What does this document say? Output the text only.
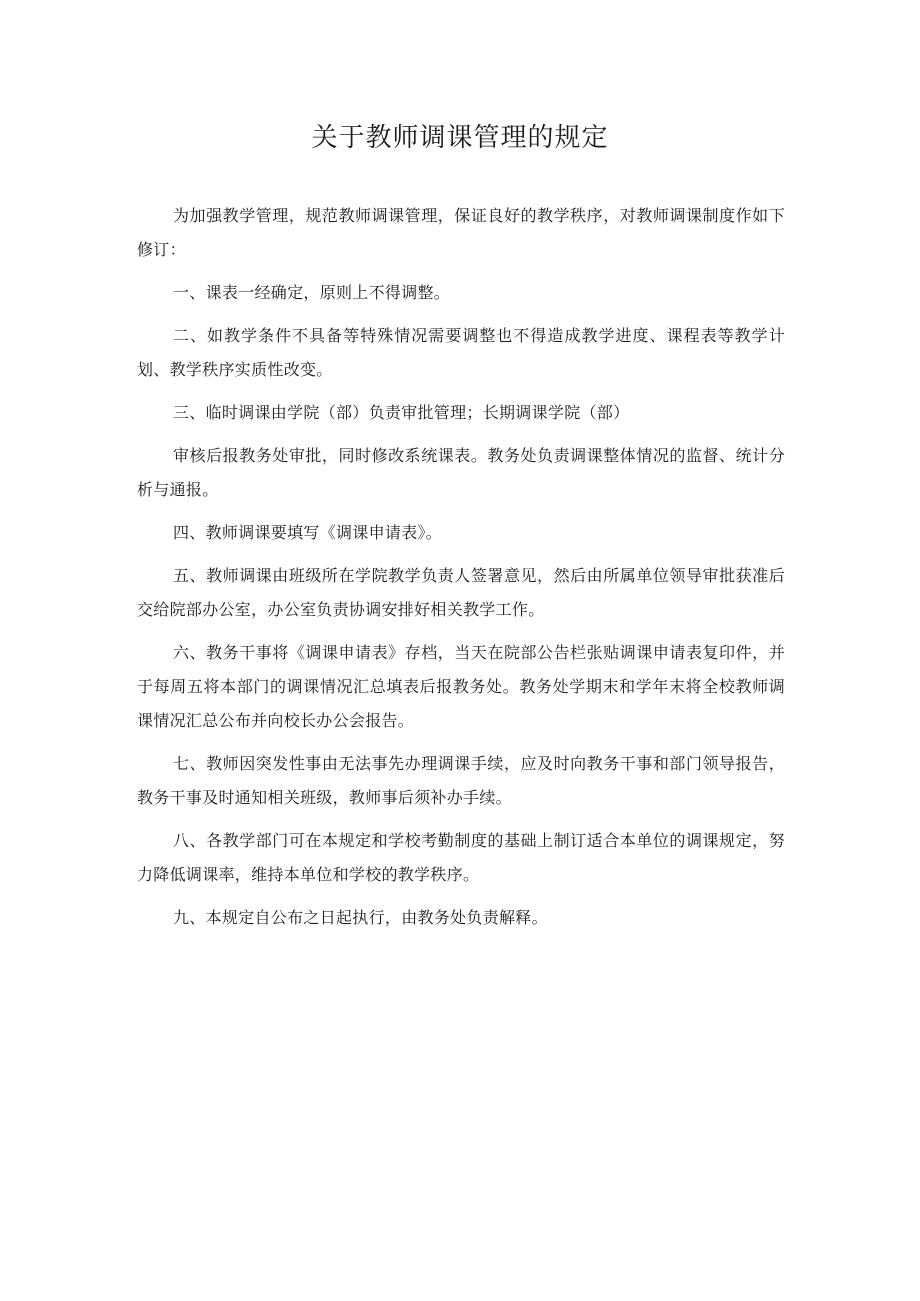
关于教师调课管理的规定

为加强教学管理，规范教师调课管理，保证良好的教学秩序，对教师调课制度作如下修订：

一、课表一经确定，原则上不得调整。

二、如教学条件不具备等特殊情况需要调整也不得造成教学进度、课程表等教学计划、教学秩序实质性改变。

三、临时调课由学院（部）负责审批管理；长期调课学院（部）

审核后报教务处审批，同时修改系统课表。教务处负责调课整体情况的监督、统计分析与通报。

四、教师调课要填写《调课申请表》。

五、教师调课由班级所在学院教学负责人签署意见，然后由所属单位领导审批获准后交给院部办公室，办公室负责协调安排好相关教学工作。

六、教务干事将《调课申请表》存档，当天在院部公告栏张贴调课申请表复印件，并于每周五将本部门的调课情况汇总填表后报教务处。教务处学期末和学年末将全校教师调课情况汇总公布并向校长办公会报告。

七、教师因突发性事由无法事先办理调课手续，应及时向教务干事和部门领导报告，教务干事及时通知相关班级，教师事后须补办手续。

八、各教学部门可在本规定和学校考勤制度的基础上制订适合本单位的调课规定，努力降低调课率，维持本单位和学校的教学秩序。

九、本规定自公布之日起执行，由教务处负责解释。
